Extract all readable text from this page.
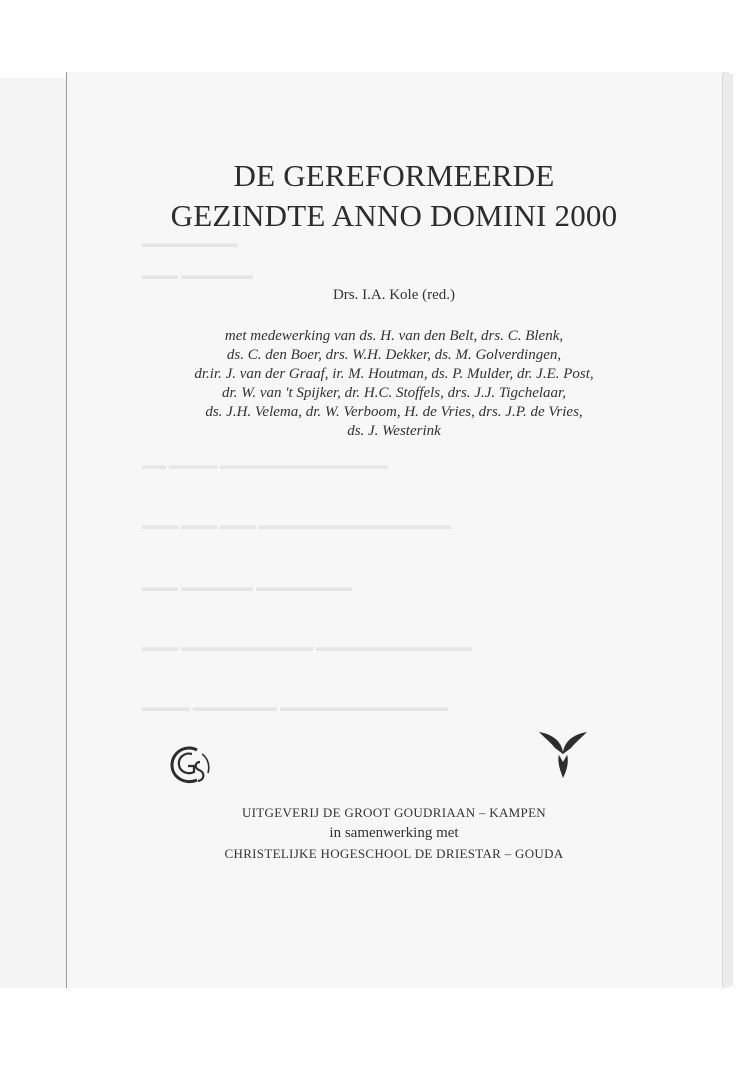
▬▬▬▬▬▬▬▬
▬▬▬ ▬▬▬▬▬▬
▬▬ ▬▬▬▬ ▬▬▬▬▬▬▬▬▬▬▬▬▬▬
▬▬▬ ▬▬▬ ▬▬▬ ▬▬▬▬▬▬▬▬▬▬▬▬▬▬▬▬
▬▬▬ ▬▬▬▬▬▬ ▬▬▬▬▬▬▬▬
▬▬▬ ▬▬▬▬▬▬▬▬▬▬▬ ▬▬▬▬▬▬▬▬▬▬▬▬▬
▬▬▬▬ ▬▬▬▬▬▬▬ ▬▬▬▬▬▬▬▬▬▬▬▬▬▬
DE GEREFORMEERDE
GEZINDTE ANNO DOMINI 2000
Drs. I.A. Kole (red.)
met medewerking van ds. H. van den Belt, drs. C. Blenk,
ds. C. den Boer, drs. W.H. Dekker, ds. M. Golverdingen,
dr.ir. J. van der Graaf, ir. M. Houtman, ds. P. Mulder, dr. J.E. Post,
dr. W. van 't Spijker, dr. H.C. Stoffels, drs. J.J. Tigchelaar,
ds. J.H. Velema, dr. W. Verboom, H. de Vries, drs. J.P. de Vries,
ds. J. Westerink
UITGEVERIJ DE GROOT GOUDRIAAN – KAMPEN
in samenwerking met
CHRISTELIJKE HOGESCHOOL DE DRIESTAR – GOUDA
